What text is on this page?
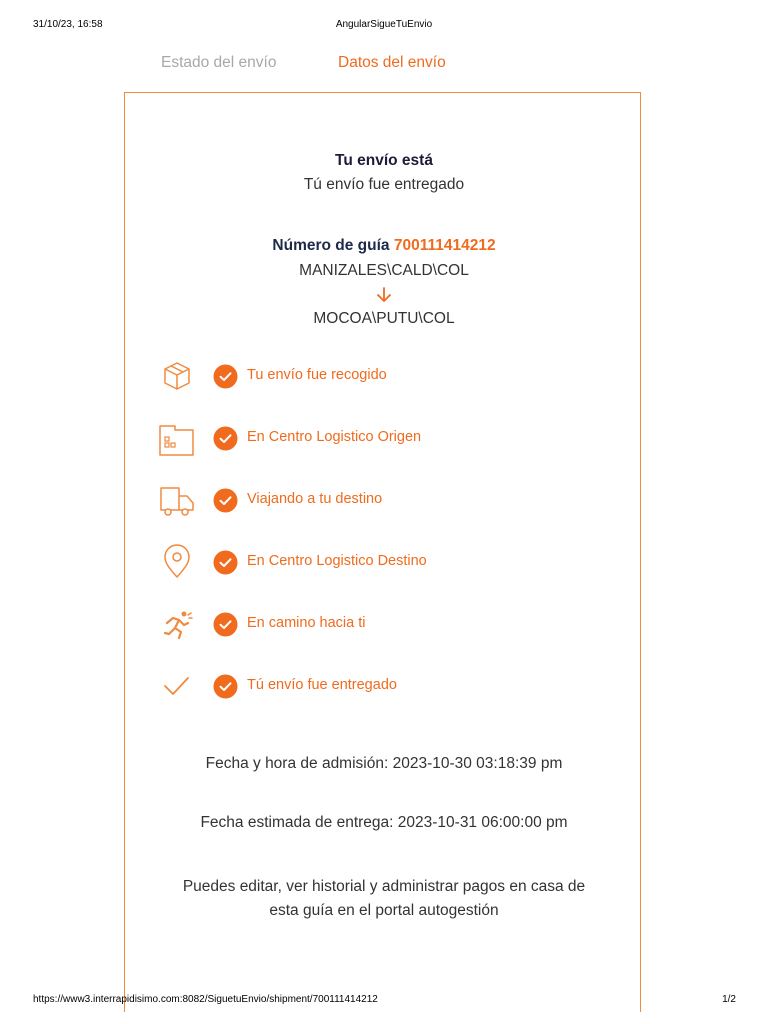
31/10/23, 16:58	AngularSigueTuEnvio
Estado del envío	Datos del envío
Tu envío está
Tú envío fue entregado
Número de guía 700111414212
MANIZALES\CALD\COL
MOCOA\PUTU\COL
Tu envío fue recogido
En Centro Logistico Origen
Viajando a tu destino
En Centro Logistico Destino
En camino hacia ti
Tú envío fue entregado
Fecha y hora de admisión: 2023-10-30 03:18:39 pm
Fecha estimada de entrega: 2023-10-31 06:00:00 pm
Puedes editar, ver historial y administrar pagos en casa de
esta guía en el portal autogestión
https://www3.interrapidisimo.com:8082/SiguetuEnvio/shipment/700111414212	1/2
